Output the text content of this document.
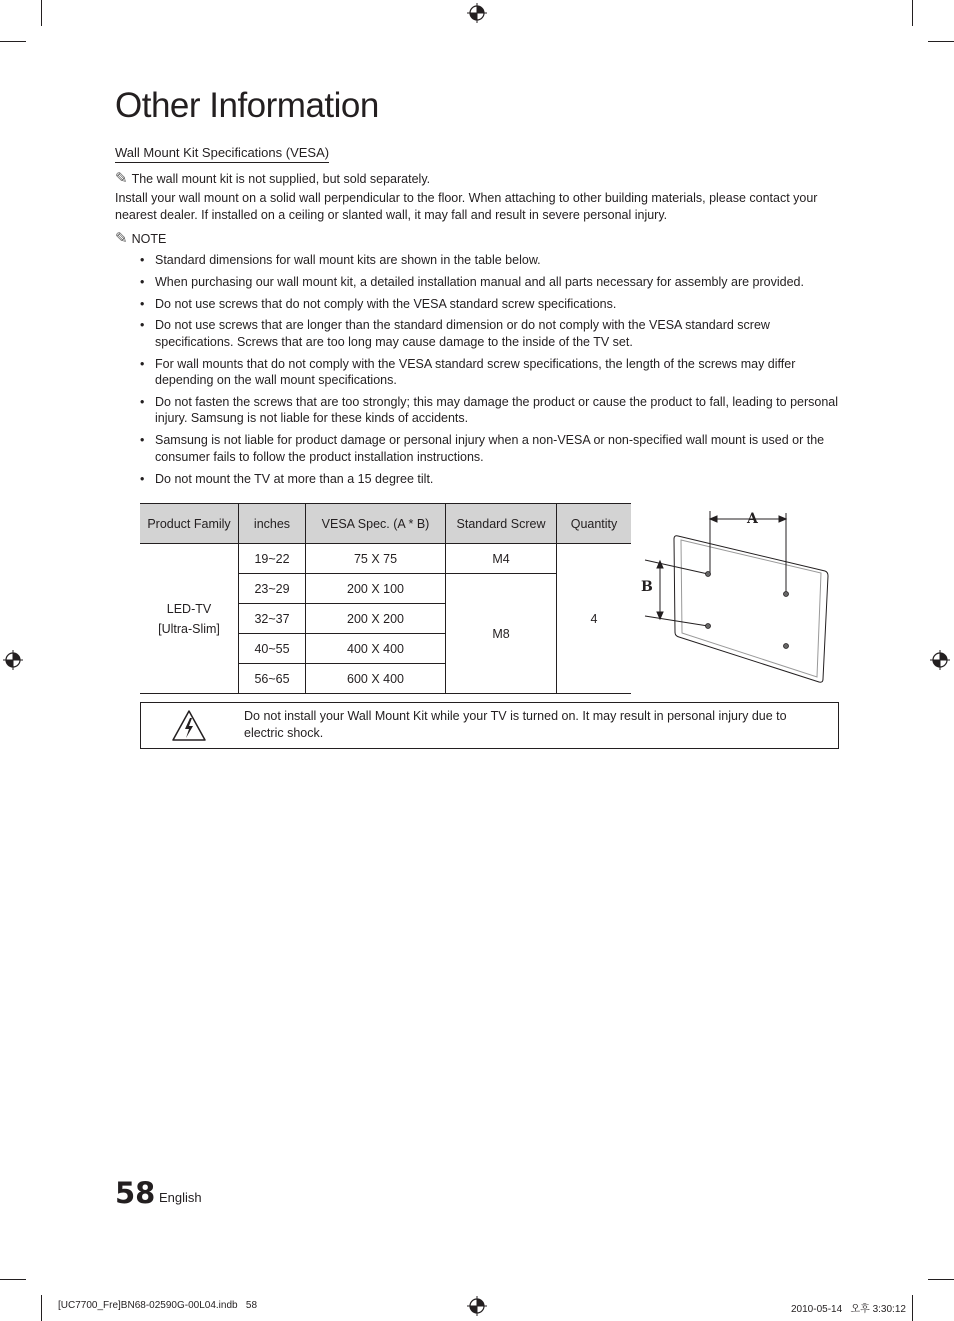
Other Information
Wall Mount Kit Specifications (VESA)
✎ The wall mount kit is not supplied, but sold separately.
Install your wall mount on a solid wall perpendicular to the floor. When attaching to other building materials, please contact your nearest dealer. If installed on a ceiling or slanted wall, it may fall and result in severe personal injury.
✎ NOTE
• Standard dimensions for wall mount kits are shown in the table below.
• When purchasing our wall mount kit, a detailed installation manual and all parts necessary for assembly are provided.
• Do not use screws that do not comply with the VESA standard screw specifications.
• Do not use screws that are longer than the standard dimension or do not comply with the VESA standard screw specifications. Screws that are too long may cause damage to the inside of the TV set.
• For wall mounts that do not comply with the VESA standard screw specifications, the length of the screws may differ depending on the wall mount specifications.
• Do not fasten the screws that are too strongly; this may damage the product or cause the product to fall, leading to personal injury. Samsung is not liable for these kinds of accidents.
• Samsung is not liable for product damage or personal injury when a non-VESA or non-specified wall mount is used or the consumer fails to follow the product installation instructions.
• Do not mount the TV at more than a 15 degree tilt.
Product Family	inches	VESA Spec. (A * B)	Standard Screw	Quantity

LED-TV
[Ultra-Slim]	19~22	75 X 75	M4	4
	23~29	200 X 100	M8	
	32~37	200 X 200		
	40~55	400 X 400		
	56~65	600 X 400		
A
B
Do not install your Wall Mount Kit while your TV is turned on. It may result in personal injury due to electric shock.
58 English
[UC7700_Fre]BN68-02590G-00L04.indb   58	2010-05-14   오후 3:30:12
